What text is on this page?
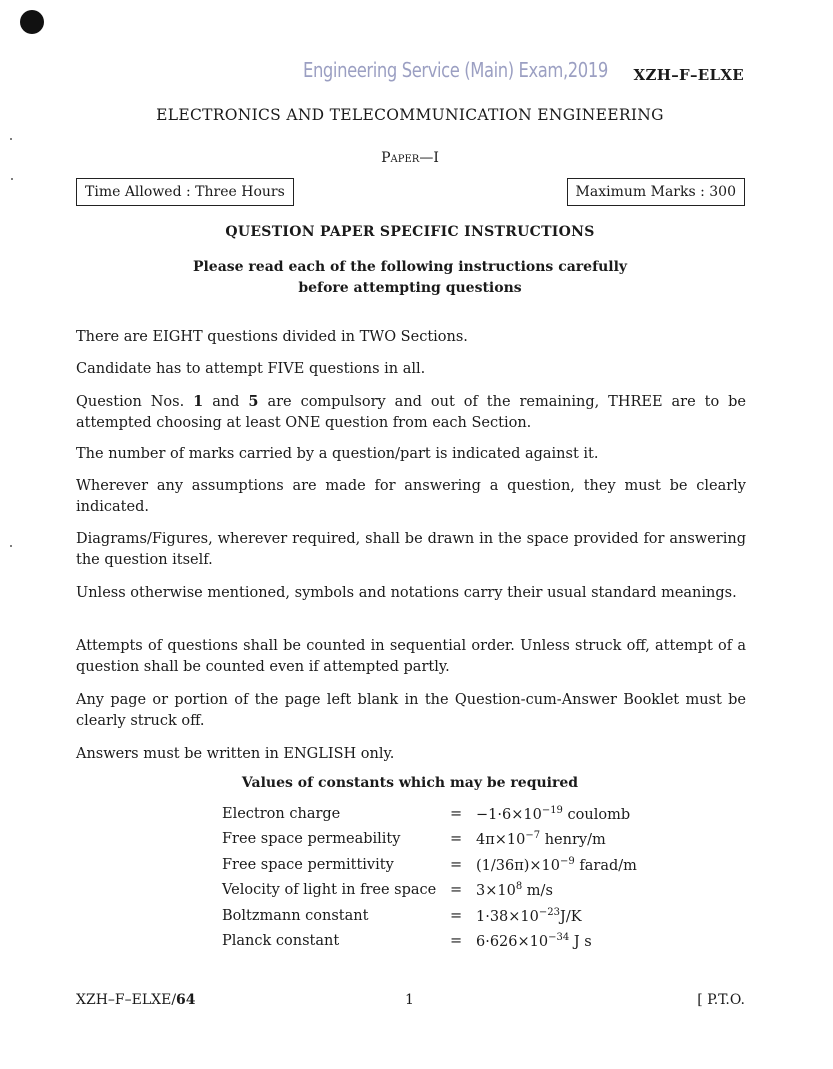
Engineering Service (Main) Exam,2019 XZH–F–ELXE
ELECTRONICS AND TELECOMMUNICATION ENGINEERING
Paper—I
Time Allowed : Three Hours	Maximum Marks : 300
QUESTION PAPER SPECIFIC INSTRUCTIONS
Please read each of the following instructions carefully
before attempting questions

There are EIGHT questions divided in TWO Sections.

Candidate has to attempt FIVE questions in all.

Question Nos. 1 and 5 are compulsory and out of the remaining, THREE are to be attempted choosing at least ONE question from each Section.

The number of marks carried by a question/part is indicated against it.

Wherever any assumptions are made for answering a question, they must be clearly indicated.

Diagrams/Figures, wherever required, shall be drawn in the space provided for answering the question itself.

Unless otherwise mentioned, symbols and notations carry their usual standard meanings.

Attempts of questions shall be counted in sequential order. Unless struck off, attempt of a question shall be counted even if attempted partly.

Any page or portion of the page left blank in the Question-cum-Answer Booklet must be clearly struck off.

Answers must be written in ENGLISH only.

Values of constants which may be required
Electron charge	=	$-1\cdot 6\times 10^{-19}$ coulomb
Free space permeability	=	$4\pi\times 10^{-7}$ henry/m
Free space permittivity	=	$(1/36\pi)\times 10^{-9}$ farad/m
Velocity of light in free space	=	$3\times 10^8$ m/s
Boltzmann constant	=	$1\cdot 38\times 10^{-23}J/K$
Planck constant	=	$6\cdot 626\times 10^{-34}$ J s
XZH–F–ELXE/64	1	[ P.T.O.
